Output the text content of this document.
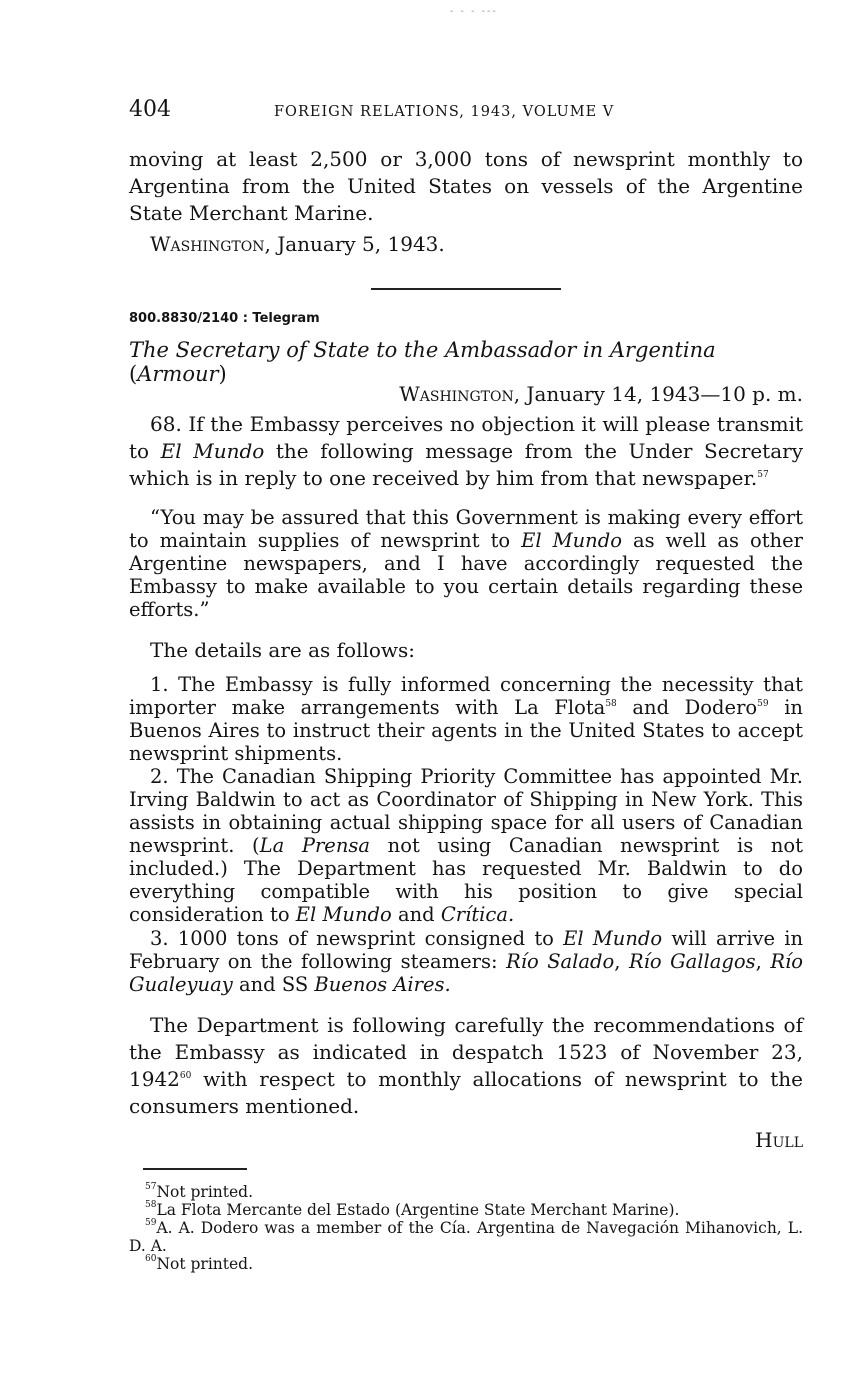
- - - ---
404	FOREIGN RELATIONS, 1943, VOLUME V

moving at least 2,500 or 3,000 tons of newsprint monthly to Argentina from the United States on vessels of the Argentine State Merchant Marine.

Washington, January 5, 1943.

800.8830/2140 : Telegram

The Secretary of State to the Ambassador in Argentina (Armour)

Washington, January 14, 1943—10 p. m.

68. If the Embassy perceives no objection it will please transmit to El Mundo the following message from the Under Secretary which is in reply to one received by him from that newspaper.$^{57}$

“You may be assured that this Government is making every effort to maintain supplies of newsprint to El Mundo as well as other Argentine newspapers, and I have accordingly requested the Embassy to make available to you certain details regarding these efforts.”

The details are as follows:

1. The Embassy is fully informed concerning the necessity that importer make arrangements with La Flota$^{58}$ and Dodero$^{59}$ in Buenos Aires to instruct their agents in the United States to accept newsprint shipments.

2. The Canadian Shipping Priority Committee has appointed Mr. Irving Baldwin to act as Coordinator of Shipping in New York. This assists in obtaining actual shipping space for all users of Canadian newsprint. (La Prensa not using Canadian newsprint is not included.) The Department has requested Mr. Baldwin to do everything compatible with his position to give special consideration to El Mundo and Crítica.

3. 1000 tons of newsprint consigned to El Mundo will arrive in February on the following steamers: Río Salado, Río Gallagos, Río Gualeyuay and SS Buenos Aires.

The Department is following carefully the recommendations of the Embassy as indicated in despatch 1523 of November 23, 1942$^{60}$ with respect to monthly allocations of newsprint to the consumers mentioned.

Hull

$^{57}$Not printed.

$^{58}$La Flota Mercante del Estado (Argentine State Merchant Marine).

$^{59}$A. A. Dodero was a member of the Cía. Argentina de Navegación Mihanovich, L. D. A.

$^{60}$Not printed.
